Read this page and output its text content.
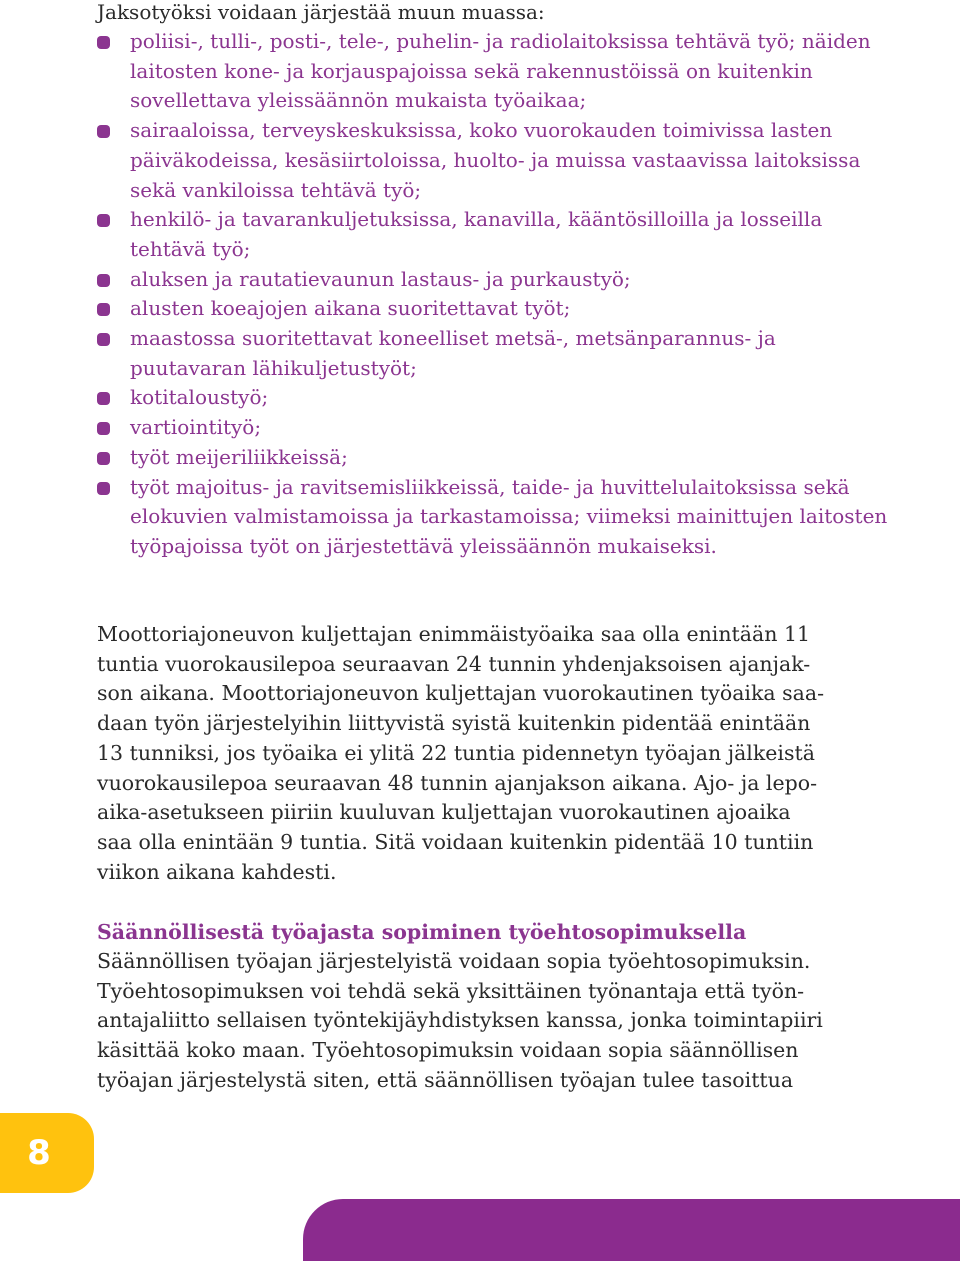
Jaksotyöksi voidaan järjestää muun muassa:

poliisi-, tulli-, posti-, tele-, puhelin- ja radiolaitoksissa tehtävä työ; näiden laitosten kone- ja korjauspajoissa sekä rakennustöissä on kuitenkin sovellettava yleissäännön mukaista työaikaa;
sairaaloissa, terveyskeskuksissa, koko vuorokauden toimivissa lasten päiväkodeissa, kesäsiirtoloissa, huolto- ja muissa vastaavissa laitoksissa sekä vankiloissa tehtävä työ;
henkilö- ja tavarankuljetuksissa, kanavilla, kääntösilloilla ja losseilla tehtävä työ;
aluksen ja rautatievaunun lastaus- ja purkaustyö;
alusten koeajojen aikana suoritettavat työt;
maastossa suoritettavat koneelliset metsä-, metsänparannus- ja puutavaran lähikuljetustyöt;
kotitaloustyö;
vartiointityö;
työt meijeriliikkeissä;
työt majoitus- ja ravitsemisliikkeissä, taide- ja huvittelulaitoksissa sekä elokuvien valmistamoissa ja tarkastamoissa; viimeksi mainittujen laitosten työpajoissa työt on järjestettävä yleissäännön mukaiseksi.

Moottoriajoneuvon kuljettajan enimmäistyöaika saa olla enintään 11
tuntia vuorokausilepoa seuraavan 24 tunnin yhdenjaksoisen ajanjak-
son aikana. Moottoriajoneuvon kuljettajan vuorokautinen työaika saa-
daan työn järjestelyihin liittyvistä syistä kuitenkin pidentää enintään
13 tunniksi, jos työaika ei ylitä 22 tuntia pidennetyn työajan jälkeistä
vuorokausilepoa seuraavan 48 tunnin ajanjakson aikana. Ajo- ja lepo-
aika-asetukseen piiriin kuuluvan kuljettajan vuorokautinen ajoaika
saa olla enintään 9 tuntia. Sitä voidaan kuitenkin pidentää 10 tuntiin
viikon aikana kahdesti.

Säännöllisestä työajasta sopiminen työehtosopimuksella

Säännöllisen työajan järjestelyistä voidaan sopia työehtosopimuksin.
Työehtosopimuksen voi tehdä sekä yksittäinen työnantaja että työn-
antajaliitto sellaisen työntekijäyhdistyksen kanssa, jonka toimintapiiri
käsittää koko maan. Työehtosopimuksin voidaan sopia säännöllisen
työajan järjestelystä siten, että säännöllisen työajan tulee tasoittua

8
